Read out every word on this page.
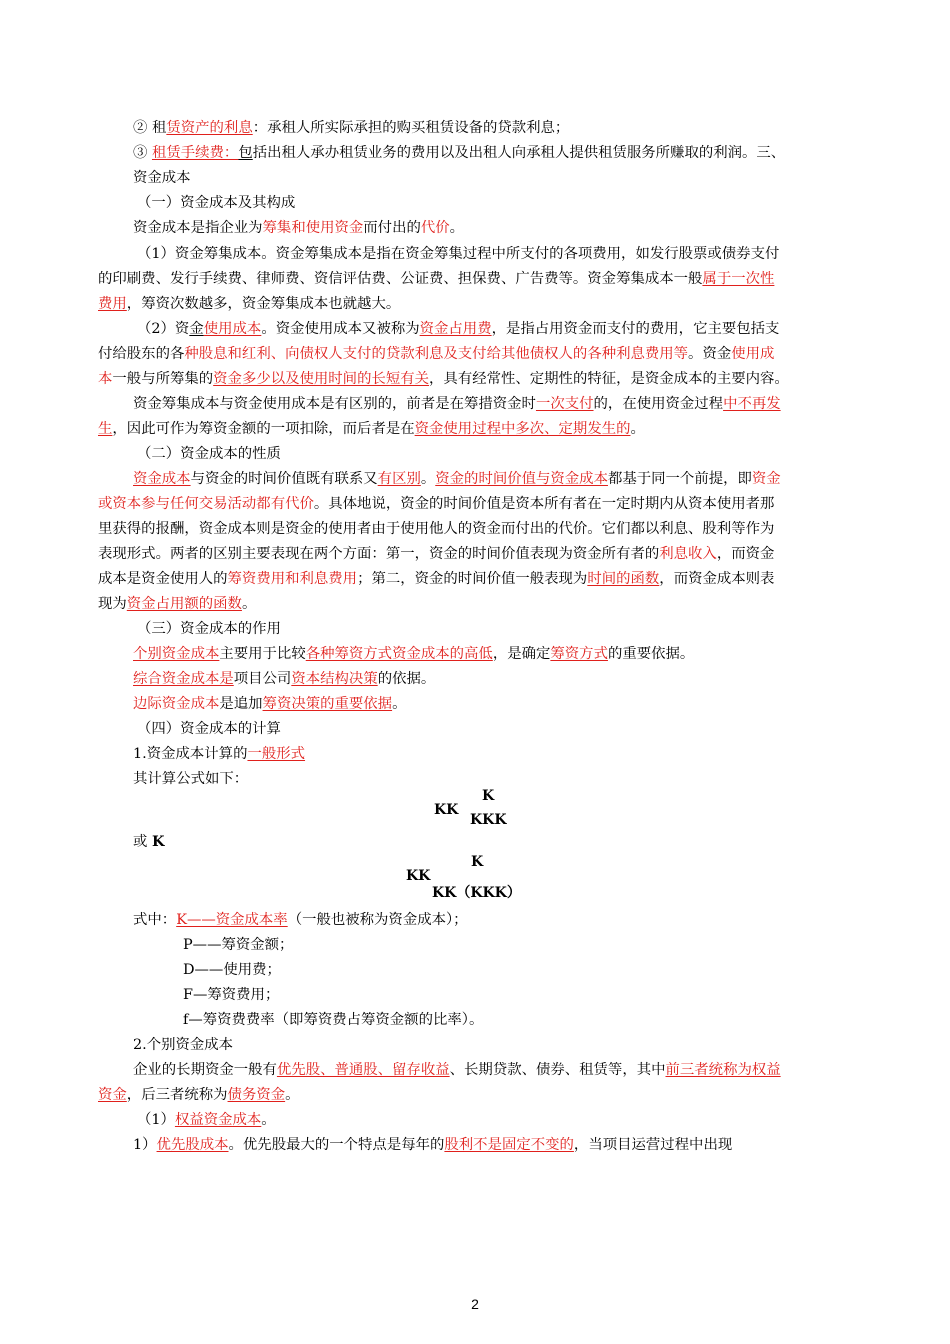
② 租赁资产的利息：承租人所实际承担的购买租赁设备的贷款利息；
③ 租赁手续费：包括出租人承办租赁业务的费用以及出租人向承租人提供租赁服务所赚取的利润。三、
资金成本
（一）资金成本及其构成
资金成本是指企业为筹集和使用资金而付出的代价。
（1）资金筹集成本。资金筹集成本是指在资金筹集过程中所支付的各项费用，如发行股票或债券支付
的印刷费、发行手续费、律师费、资信评估费、公证费、担保费、广告费等。资金筹集成本一般属于一次性
费用，筹资次数越多，资金筹集成本也就越大。
（2）资金使用成本。资金使用成本又被称为资金占用费，是指占用资金而支付的费用，它主要包括支
付给股东的各种股息和红利、向债权人支付的贷款利息及支付给其他债权人的各种利息费用等。资金使用成
本一般与所筹集的资金多少以及使用时间的长短有关，具有经常性、定期性的特征，是资金成本的主要内容。
资金筹集成本与资金使用成本是有区别的，前者是在筹措资金时一次支付的，在使用资金过程中不再发
生，因此可作为筹资金额的一项扣除，而后者是在资金使用过程中多次、定期发生的。
（二）资金成本的性质
资金成本与资金的时间价值既有联系又有区别。资金的时间价值与资金成本都基于同一个前提，即资金
或资本参与任何交易活动都有代价。具体地说，资金的时间价值是资本所有者在一定时期内从资本使用者那
里获得的报酬，资金成本则是资金的使用者由于使用他人的资金而付出的代价。它们都以利息、股利等作为
表现形式。两者的区别主要表现在两个方面：第一，资金的时间价值表现为资金所有者的利息收入，而资金
成本是资金使用人的筹资费用和利息费用；第二，资金的时间价值一般表现为时间的函数，而资金成本则表
现为资金占用额的函数。
（三）资金成本的作用
个别资金成本主要用于比较各种筹资方式资金成本的高低，是确定筹资方式的重要依据。
综合资金成本是项目公司资本结构决策的依据。
边际资金成本是追加筹资决策的重要依据。
（四）资金成本的计算
1.资金成本计算的一般形式
其计算公式如下：
或 K
式中：K——资金成本率（一般也被称为资金成本）；
P——筹资金额；
D——使用费；
F—筹资费用；
f—筹资费费率（即筹资费占筹资金额的比率）。
2.个别资金成本
企业的长期资金一般有优先股、普通股、留存收益、长期贷款、债券、租赁等，其中前三者统称为权益
资金，后三者统称为债务资金。
（1）权益资金成本。
1）优先股成本。优先股最大的一个特点是每年的股利不是固定不变的，当项目运营过程中出现
K
KK
KKK
K
KK
KK（KKK）
2
